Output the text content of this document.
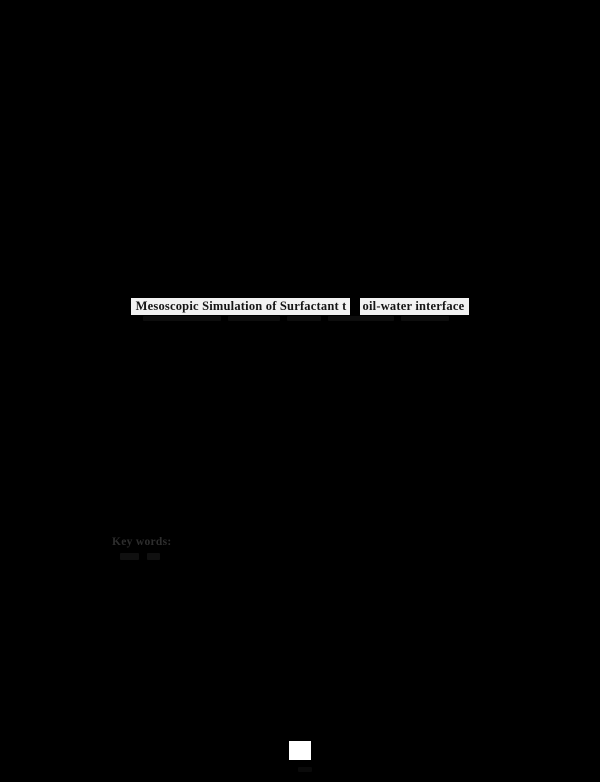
Mesoscopic Simulation of Surfactant t oil-water interface
Key words:
